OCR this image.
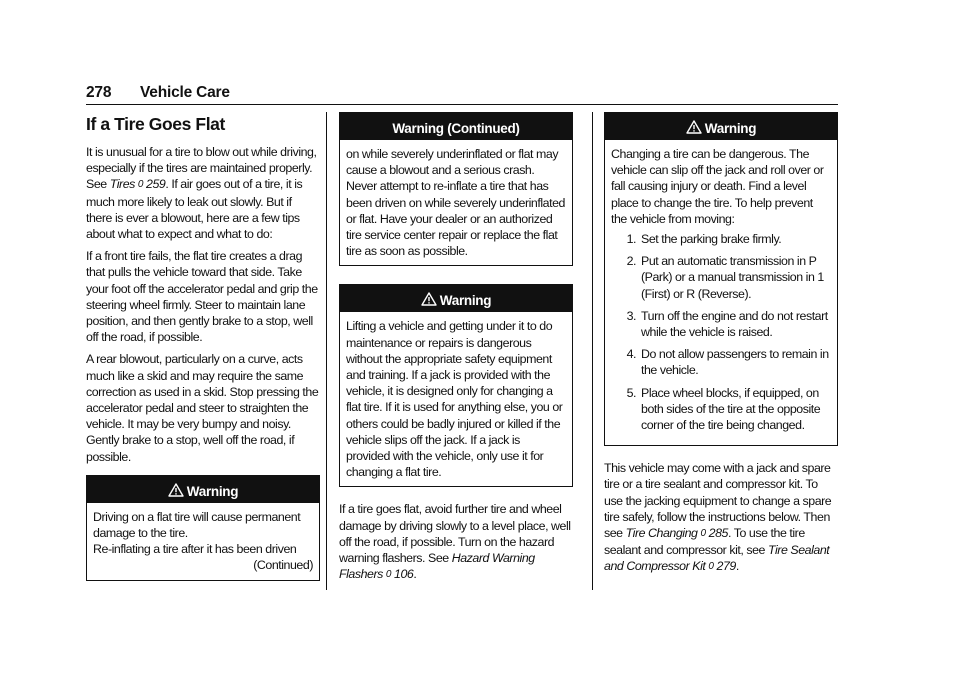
278 Vehicle Care
If a Tire Goes Flat

It is unusual for a tire to blow out while driving, especially if the tires are maintained properly. See Tires 0 259. If air goes out of a tire, it is much more likely to leak out slowly. But if there is ever a blowout, here are a few tips about what to expect and what to do:

If a front tire fails, the flat tire creates a drag that pulls the vehicle toward that side. Take your foot off the accelerator pedal and grip the steering wheel firmly. Steer to maintain lane position, and then gently brake to a stop, well off the road, if possible.

A rear blowout, particularly on a curve, acts much like a skid and may require the same correction as used in a skid. Stop pressing the accelerator pedal and steer to straighten the vehicle. It may be very bumpy and noisy. Gently brake to a stop, well off the road, if possible.

Warning

Driving on a flat tire will cause permanent damage to the tire.

Re-inflating a tire after it has been driven

(Continued)

Warning (Continued)

on while severely underinflated or flat may cause a blowout and a serious crash. Never attempt to re-inflate a tire that has been driven on while severely underinflated or flat. Have your dealer or an authorized tire service center repair or replace the flat tire as soon as possible.

Warning

Lifting a vehicle and getting under it to do maintenance or repairs is dangerous without the appropriate safety equipment and training. If a jack is provided with the vehicle, it is designed only for changing a flat tire. If it is used for anything else, you or others could be badly injured or killed if the vehicle slips off the jack. If a jack is provided with the vehicle, only use it for changing a flat tire.

If a tire goes flat, avoid further tire and wheel damage by driving slowly to a level place, well off the road, if possible. Turn on the hazard warning flashers. See Hazard Warning Flashers 0 106.

Warning

Changing a tire can be dangerous. The vehicle can slip off the jack and roll over or fall causing injury or death. Find a level place to change the tire. To help prevent the vehicle from moving:

1. Set the parking brake firmly.
2. Put an automatic transmission in P (Park) or a manual transmission in 1 (First) or R (Reverse).
3. Turn off the engine and do not restart while the vehicle is raised.
4. Do not allow passengers to remain in the vehicle.
5. Place wheel blocks, if equipped, on both sides of the tire at the opposite corner of the tire being changed.

This vehicle may come with a jack and spare tire or a tire sealant and compressor kit. To use the jacking equipment to change a spare tire safely, follow the instructions below. Then see Tire Changing 0 285. To use the tire sealant and compressor kit, see Tire Sealant and Compressor Kit 0 279.
